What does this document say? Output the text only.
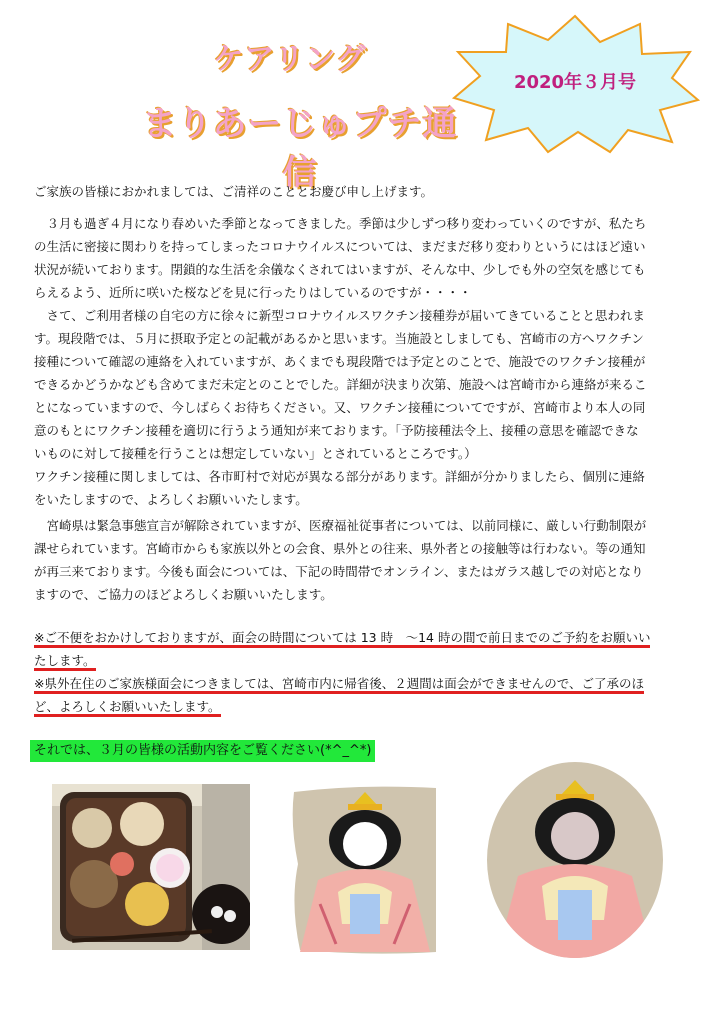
ケアリング
まりあーじゅプチ通信
2020年３月号

ご家族の皆様におかれましては、ご清祥のこととお慶び申し上げます。

　３月も過ぎ４月になり春めいた季節となってきました。季節は少しずつ移り変わっていくのですが、私たち

の生活に密接に関わりを持ってしまったコロナウイルスについては、まだまだ移り変わりというにはほど遠い

状況が続いております。閉鎖的な生活を余儀なくされてはいますが、そんな中、少しでも外の空気を感じても

らえるよう、近所に咲いた桜などを見に行ったりはしているのですが・・・・

　さて、ご利用者様の自宅の方に徐々に新型コロナウイルスワクチン接種券が届いてきていることと思われま

す。現段階では、５月に摂取予定との記載があるかと思います。当施設としましても、宮崎市の方へワクチン

接種について確認の連絡を入れていますが、あくまでも現段階では予定とのことで、施設でのワクチン接種が

できるかどうかなども含めてまだ未定とのことでした。詳細が決まり次第、施設へは宮崎市から連絡が来るこ

とになっていますので、今しばらくお待ちください。又、ワクチン接種についてですが、宮崎市より本人の同

意のもとにワクチン接種を適切に行うよう通知が来ております。「予防接種法令上、接種の意思を確認できな

いものに対して接種を行うことは想定していない」とされているところです。）

ワクチン接種に関しましては、各市町村で対応が異なる部分があります。詳細が分かりましたら、個別に連絡

をいたしますので、よろしくお願いいたします。

　宮崎県は緊急事態宣言が解除されていますが、医療福祉従事者については、以前同様に、厳しい行動制限が

課せられています。宮崎市からも家族以外との会食、県外との往来、県外者との接触等は行わない。等の通知

が再三来ております。今後も面会については、下記の時間帯でオンライン、またはガラス越しでの対応となり

ますので、ご協力のほどよろしくお願いいたします。

※ご不便をおかけしておりますが、面会の時間については 13 時　～14 時の間で前日までのご予約をお願いい

たします。

※県外在住のご家族様面会につきましては、宮崎市内に帰省後、２週間は面会ができませんので、ご了承のほ

ど、よろしくお願いいたします。

それでは、３月の皆様の活動内容をご覧ください(*^_^*)
